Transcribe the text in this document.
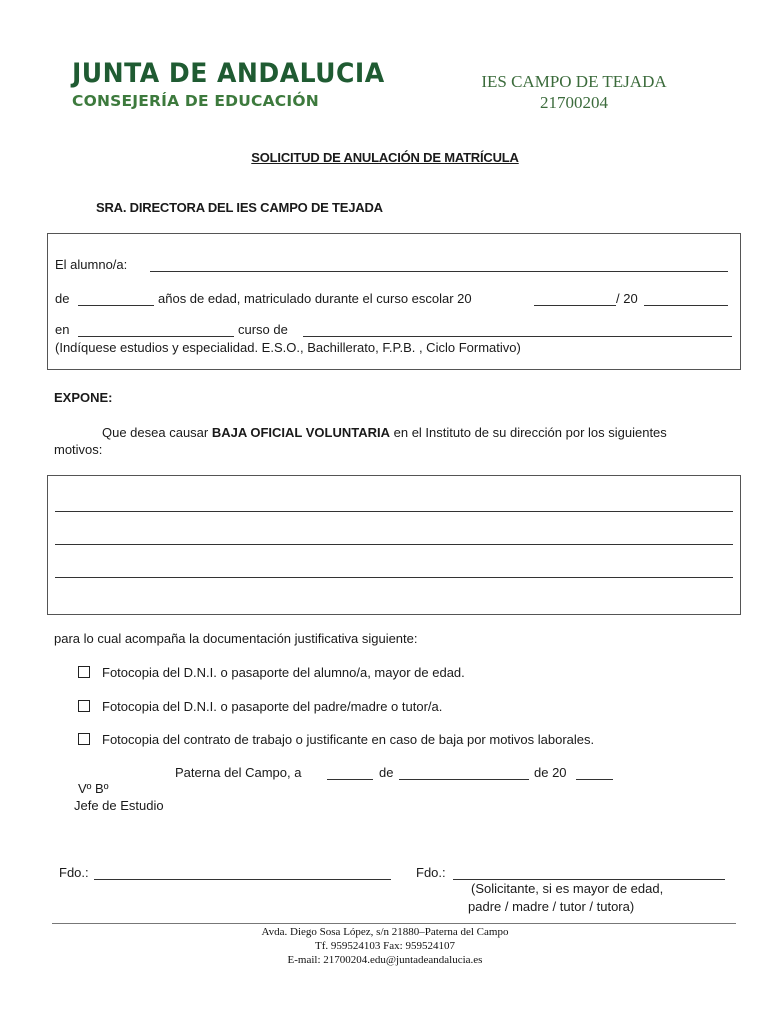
JUNTA DE ANDALUCIA
CONSEJERÍA DE EDUCACIÓN
IES CAMPO DE TEJADA
21700204
SOLICITUD DE ANULACIÓN DE MATRÍCULA
SRA. DIRECTORA DEL IES CAMPO DE TEJADA
El alumno/a:
de	años de edad, matriculado durante el curso escolar 20	/ 20
en	curso de
(Indíquese estudios y especialidad. E.S.O., Bachillerato, F.P.B. , Ciclo Formativo)
EXPONE:
Que desea causar BAJA OFICIAL VOLUNTARIA en el Instituto de su dirección por los siguientes motivos:
para lo cual acompaña la documentación justificativa siguiente:
Fotocopia del D.N.I. o pasaporte del alumno/a, mayor de edad.
Fotocopia del D.N.I. o pasaporte del padre/madre o tutor/a.
Fotocopia del contrato de trabajo o justificante en caso de baja por motivos laborales.
Paterna del Campo, a	de	de 20
Vº Bº
Jefe de Estudio
Fdo.:	Fdo.:
(Solicitante, si es mayor de edad,
padre / madre / tutor / tutora)
Avda. Diego Sosa López, s/n 21880–Paterna del Campo
Tf. 959524103 Fax: 959524107
E-mail: 21700204.edu@juntadeandalucia.es
